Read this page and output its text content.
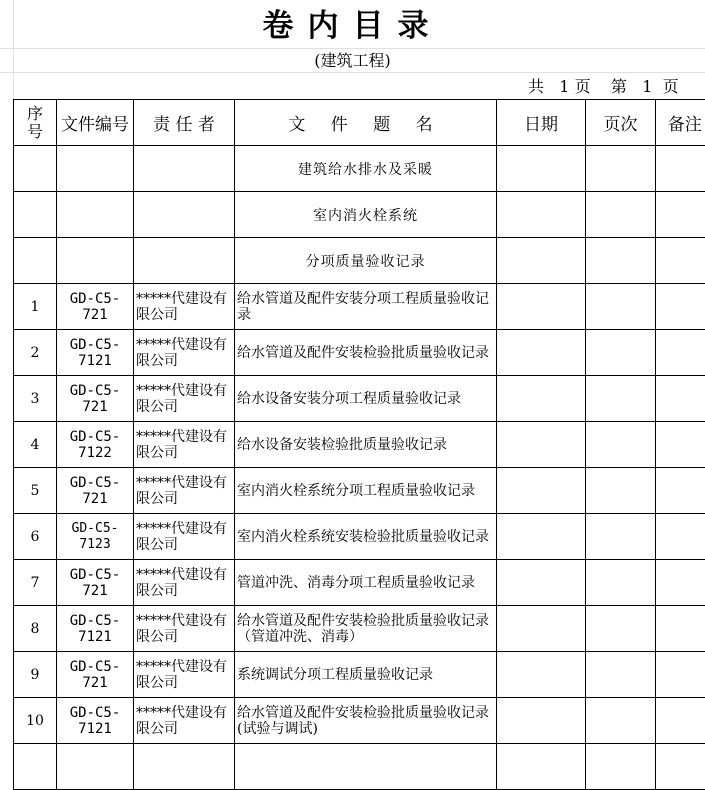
卷内目录
(建筑工程)
共 1 页 第 1 页
序号	文件编号	责 任 者	文 件 题 名	日期	页次	备注
			建筑给水排水及采暖			
			室内消火栓系统			
			分项质量验收记录			
1	GD-C5-721	*****代建设有限公司	给水管道及配件安装分项工程质量验收记录			
2	GD-C5-7121	*****代建设有限公司	给水管道及配件安装检验批质量验收记录			
3	GD-C5-721	*****代建设有限公司	给水设备安装分项工程质量验收记录			
4	GD-C5-7122	*****代建设有限公司	给水设备安装检验批质量验收记录			
5	GD-C5-721	*****代建设有限公司	室内消火栓系统分项工程质量验收记录			
6	GD-C5-7123	*****代建设有限公司	室内消火栓系统安装检验批质量验收记录			
7	GD-C5-721	*****代建设有限公司	管道冲洗、消毒分项工程质量验收记录			
8	GD-C5-7121	*****代建设有限公司	给水管道及配件安装检验批质量验收记录（管道冲洗、消毒）			
9	GD-C5-721	*****代建设有限公司	系统调试分项工程质量验收记录			
10	GD-C5-7121	*****代建设有限公司	给水管道及配件安装检验批质量验收记录(试验与调试)			
